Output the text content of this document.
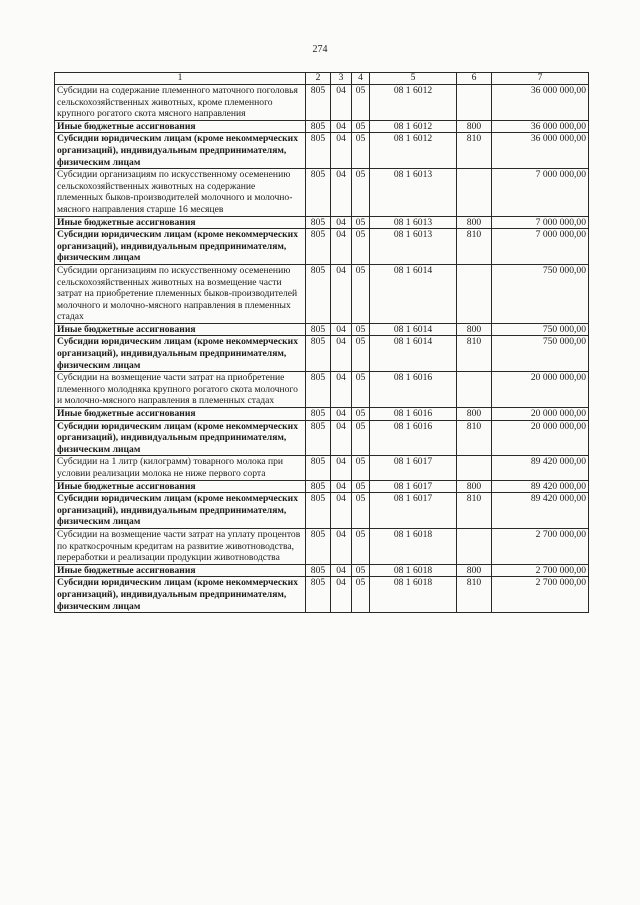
274
1	2	3	4	5	6	7
Субсидии на содержание племенного маточного поголовья сельскохозяйственных животных, кроме племенного крупного рогатого скота мясного направления	805	04	05	08 1 6012		36 000 000,00
Иные бюджетные ассигнования	805	04	05	08 1 6012	800	36 000 000,00
Субсидии юридическим лицам (кроме некоммерческих организаций), индивидуальным предпринимателям, физическим лицам	805	04	05	08 1 6012	810	36 000 000,00
Субсидии организациям по искусственному осеменению сельскохозяйственных животных на содержание племенных быков-производителей молочного и молочно-мясного направления старше 16 месяцев	805	04	05	08 1 6013		7 000 000,00
Иные бюджетные ассигнования	805	04	05	08 1 6013	800	7 000 000,00
Субсидии юридическим лицам (кроме некоммерческих организаций), индивидуальным предпринимателям, физическим лицам	805	04	05	08 1 6013	810	7 000 000,00
Субсидии организациям по искусственному осеменению сельскохозяйственных животных на возмещение части затрат на приобретение племенных быков-производителей молочного и молочно-мясного направления в племенных стадах	805	04	05	08 1 6014		750 000,00
Иные бюджетные ассигнования	805	04	05	08 1 6014	800	750 000,00
Субсидии юридическим лицам (кроме некоммерческих организаций), индивидуальным предпринимателям, физическим лицам	805	04	05	08 1 6014	810	750 000,00
Субсидии на возмещение части затрат на приобретение племенного молодняка крупного рогатого скота молочного и молочно-мясного направления в племенных стадах	805	04	05	08 1 6016		20 000 000,00
Иные бюджетные ассигнования	805	04	05	08 1 6016	800	20 000 000,00
Субсидии юридическим лицам (кроме некоммерческих организаций), индивидуальным предпринимателям, физическим лицам	805	04	05	08 1 6016	810	20 000 000,00
Субсидии на 1 литр (килограмм) товарного молока при условии реализации молока не ниже первого сорта	805	04	05	08 1 6017		89 420 000,00
Иные бюджетные ассигнования	805	04	05	08 1 6017	800	89 420 000,00
Субсидии юридическим лицам (кроме некоммерческих организаций), индивидуальным предпринимателям, физическим лицам	805	04	05	08 1 6017	810	89 420 000,00
Субсидии на возмещение части затрат на уплату процентов по краткосрочным кредитам на развитие животноводства, переработки и реализации продукции животноводства	805	04	05	08 1 6018		2 700 000,00
Иные бюджетные ассигнования	805	04	05	08 1 6018	800	2 700 000,00
Субсидии юридическим лицам (кроме некоммерческих организаций), индивидуальным предпринимателям, физическим лицам	805	04	05	08 1 6018	810	2 700 000,00
